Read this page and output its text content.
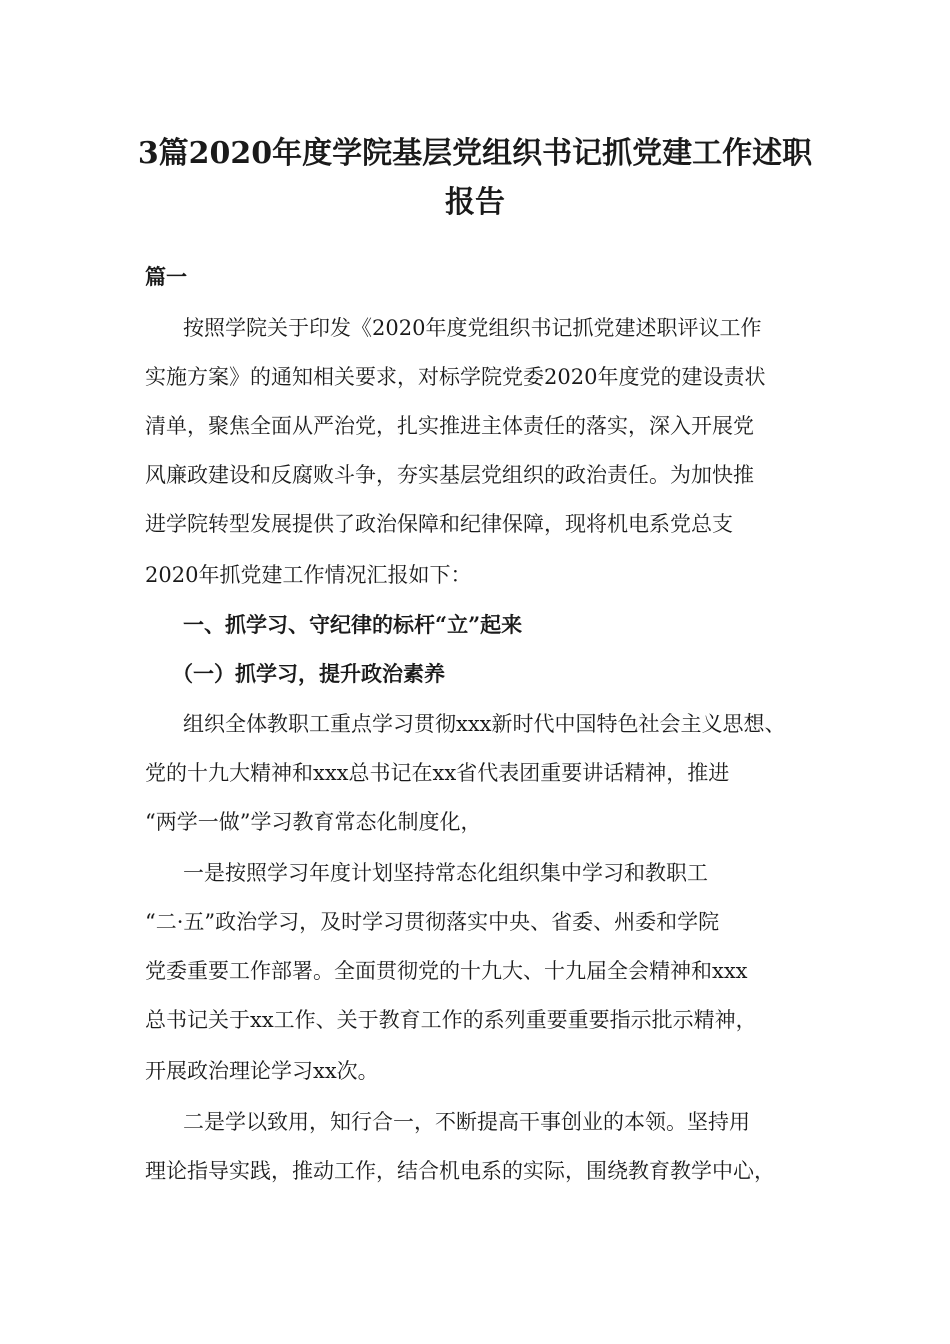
3篇2020年度学院基层党组织书记抓党建工作述职
报告
篇一
按照学院关于印发《2020年度党组织书记抓党建述职评议工作
实施方案》的通知相关要求，对标学院党委2020年度党的建设责状
清单，聚焦全面从严治党，扎实推进主体责任的落实，深入开展党
风廉政建设和反腐败斗争，夯实基层党组织的政治责任。为加快推
进学院转型发展提供了政治保障和纪律保障，现将机电系党总支
2020年抓党建工作情况汇报如下：
一、抓学习、守纪律的标杆“立”起来
（一）抓学习，提升政治素养
组织全体教职工重点学习贯彻xxx新时代中国特色社会主义思想、
党的十九大精神和xxx总书记在xx省代表团重要讲话精神，推进
“两学一做”学习教育常态化制度化，
一是按照学习年度计划坚持常态化组织集中学习和教职工
“二·五”政治学习，及时学习贯彻落实中央、省委、州委和学院
党委重要工作部署。全面贯彻党的十九大、十九届全会精神和xxx
总书记关于xx工作、关于教育工作的系列重要重要指示批示精神，
开展政治理论学习xx次。
二是学以致用，知行合一，不断提高干事创业的本领。坚持用
理论指导实践，推动工作，结合机电系的实际，围绕教育教学中心，
